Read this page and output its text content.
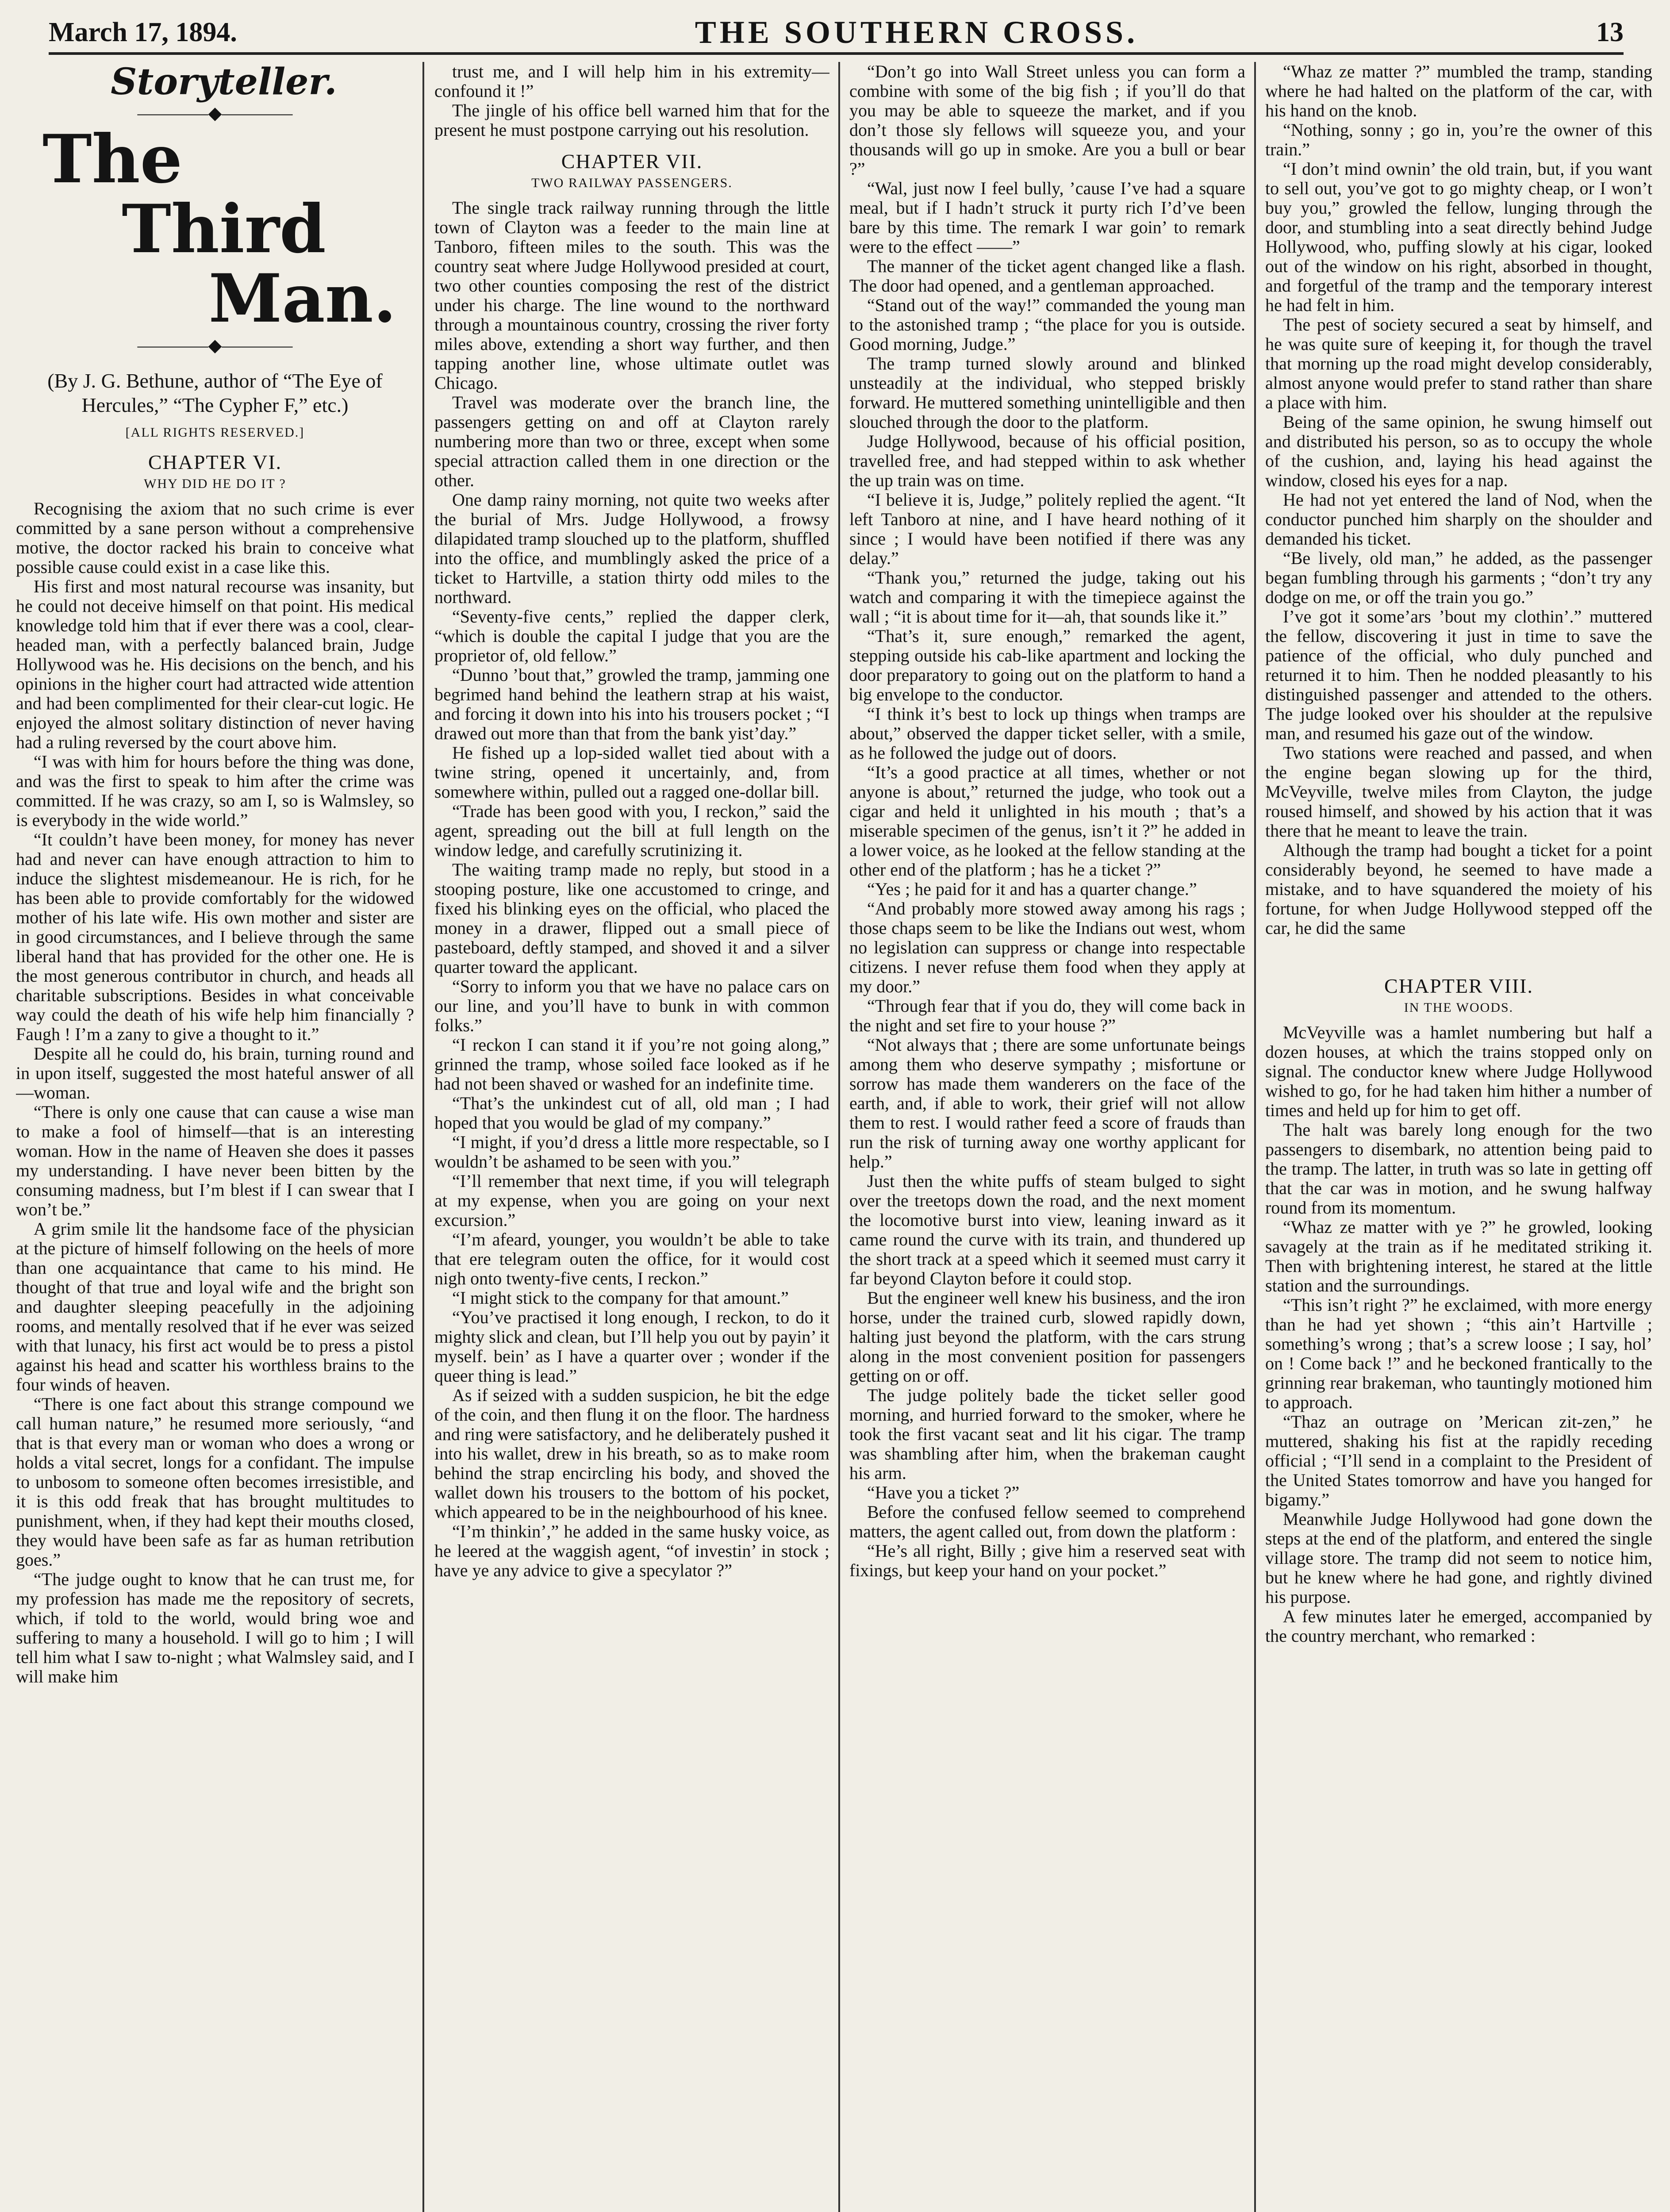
March 17, 1894.	THE SOUTHERN CROSS.	13

Storyteller.

————◆————

The

Third

Man.

————◆————
(By J. G. Bethune, author of “The Eye of Hercules,” “The Cypher F,” etc.)
[ALL RIGHTS RESERVED.]
CHAPTER VI.
WHY DID HE DO IT ?

Recognising the axiom that no such crime is ever committed by a sane person without a comprehensive motive, the doctor racked his brain to conceive what possible cause could exist in a case like this.

His first and most natural recourse was insanity, but he could not deceive himself on that point. His medical knowledge told him that if ever there was a cool, clear-headed man, with a perfectly balanced brain, Judge Hollywood was he. His decisions on the bench, and his opinions in the higher court had attracted wide attention and had been complimented for their clear-cut logic. He enjoyed the almost solitary distinction of never having had a ruling reversed by the court above him.

“I was with him for hours before the thing was done, and was the first to speak to him after the crime was committed. If he was crazy, so am I, so is Walmsley, so is everybody in the wide world.”

“It couldn’t have been money, for money has never had and never can have enough attraction to him to induce the slightest misdemeanour. He is rich, for he has been able to provide comfortably for the widowed mother of his late wife. His own mother and sister are in good circumstances, and I believe through the same liberal hand that has provided for the other one. He is the most generous contributor in church, and heads all charitable subscriptions. Besides in what conceivable way could the death of his wife help him financially ? Faugh ! I’m a zany to give a thought to it.”

Despite all he could do, his brain, turning round and in upon itself, suggested the most hateful answer of all—woman.

“There is only one cause that can cause a wise man to make a fool of himself—that is an interesting woman. How in the name of Heaven she does it passes my understanding. I have never been bitten by the consuming madness, but I’m blest if I can swear that I won’t be.”

A grim smile lit the handsome face of the physician at the picture of himself following on the heels of more than one acquaintance that came to his mind. He thought of that true and loyal wife and the bright son and daughter sleeping peacefully in the adjoining rooms, and mentally resolved that if he ever was seized with that lunacy, his first act would be to press a pistol against his head and scatter his worthless brains to the four winds of heaven.

“There is one fact about this strange compound we call human nature,” he resumed more seriously, “and that is that every man or woman who does a wrong or holds a vital secret, longs for a confidant. The impulse to unbosom to someone often becomes irresistible, and it is this odd freak that has brought multitudes to punishment, when, if they had kept their mouths closed, they would have been safe as far as human retribution goes.”

“The judge ought to know that he can trust me, for my profession has made me the repository of secrets, which, if told to the world, would bring woe and suffering to many a household. I will go to him ; I will tell him what I saw to-night ; what Walmsley said, and I will make him

trust me, and I will help him in his extremity—confound it !”

The jingle of his office bell warned him that for the present he must postpone carrying out his resolution.

CHAPTER VII.
TWO RAILWAY PASSENGERS.

The single track railway running through the little town of Clayton was a feeder to the main line at Tanboro, fifteen miles to the south. This was the country seat where Judge Hollywood presided at court, two other counties composing the rest of the district under his charge. The line wound to the northward through a mountainous country, crossing the river forty miles above, extending a short way further, and then tapping another line, whose ultimate outlet was Chicago.

Travel was moderate over the branch line, the passengers getting on and off at Clayton rarely numbering more than two or three, except when some special attraction called them in one direction or the other.

One damp rainy morning, not quite two weeks after the burial of Mrs. Judge Hollywood, a frowsy dilapidated tramp slouched up to the platform, shuffled into the office, and mumblingly asked the price of a ticket to Hartville, a station thirty odd miles to the northward.

“Seventy-five cents,” replied the dapper clerk, “which is double the capital I judge that you are the proprietor of, old fellow.”

“Dunno ’bout that,” growled the tramp, jamming one begrimed hand behind the leathern strap at his waist, and forcing it down into his into his trousers pocket ; “I drawed out more than that from the bank yist’day.”

He fished up a lop-sided wallet tied about with a twine string, opened it uncertainly, and, from somewhere within, pulled out a ragged one-dollar bill.

“Trade has been good with you, I reckon,” said the agent, spreading out the bill at full length on the window ledge, and carefully scrutinizing it.

The waiting tramp made no reply, but stood in a stooping posture, like one accustomed to cringe, and fixed his blinking eyes on the official, who placed the money in a drawer, flipped out a small piece of pasteboard, deftly stamped, and shoved it and a silver quarter toward the applicant.

“Sorry to inform you that we have no palace cars on our line, and you’ll have to bunk in with common folks.”

“I reckon I can stand it if you’re not going along,” grinned the tramp, whose soiled face looked as if he had not been shaved or washed for an indefinite time.

“That’s the unkindest cut of all, old man ; I had hoped that you would be glad of my company.”

“I might, if you’d dress a little more respectable, so I wouldn’t be ashamed to be seen with you.”

“I’ll remember that next time, if you will telegraph at my expense, when you are going on your next excursion.”

“I’m afeard, younger, you wouldn’t be able to take that ere telegram outen the office, for it would cost nigh onto twenty-five cents, I reckon.”

“I might stick to the company for that amount.”

“You’ve practised it long enough, I reckon, to do it mighty slick and clean, but I’ll help you out by payin’ it myself. bein’ as I have a quarter over ; wonder if the queer thing is lead.”

As if seized with a sudden suspicion, he bit the edge of the coin, and then flung it on the floor. The hardness and ring were satisfactory, and he deliberately pushed it into his wallet, drew in his breath, so as to make room behind the strap encircling his body, and shoved the wallet down his trousers to the bottom of his pocket, which appeared to be in the neighbourhood of his knee.

“I’m thinkin’,” he added in the same husky voice, as he leered at the waggish agent, “of investin’ in stock ; have ye any advice to give a specylator ?”

“Don’t go into Wall Street unless you can form a combine with some of the big fish ; if you’ll do that you may be able to squeeze the market, and if you don’t those sly fellows will squeeze you, and your thousands will go up in smoke. Are you a bull or bear ?”

“Wal, just now I feel bully, ’cause I’ve had a square meal, but if I hadn’t struck it purty rich I’d’ve been bare by this time. The remark I war goin’ to remark were to the effect ——”

The manner of the ticket agent changed like a flash. The door had opened, and a gentleman approached.

“Stand out of the way!” commanded the young man to the astonished tramp ; “the place for you is outside. Good morning, Judge.”

The tramp turned slowly around and blinked unsteadily at the individual, who stepped briskly forward. He muttered something unintelligible and then slouched through the door to the platform.

Judge Hollywood, because of his official position, travelled free, and had stepped within to ask whether the up train was on time.

“I believe it is, Judge,” politely replied the agent. “It left Tanboro at nine, and I have heard nothing of it since ; I would have been notified if there was any delay.”

“Thank you,” returned the judge, taking out his watch and comparing it with the timepiece against the wall ; “it is about time for it—ah, that sounds like it.”

“That’s it, sure enough,” remarked the agent, stepping outside his cab-like apartment and locking the door preparatory to going out on the platform to hand a big envelope to the conductor.

“I think it’s best to lock up things when tramps are about,” observed the dapper ticket seller, with a smile, as he followed the judge out of doors.

“It’s a good practice at all times, whether or not anyone is about,” returned the judge, who took out a cigar and held it unlighted in his mouth ; that’s a miserable specimen of the genus, isn’t it ?” he added in a lower voice, as he looked at the fellow standing at the other end of the platform ; has he a ticket ?”

“Yes ; he paid for it and has a quarter change.”

“And probably more stowed away among his rags ; those chaps seem to be like the Indians out west, whom no legislation can suppress or change into respectable citizens. I never refuse them food when they apply at my door.”

“Through fear that if you do, they will come back in the night and set fire to your house ?”

“Not always that ; there are some unfortunate beings among them who deserve sympathy ; misfortune or sorrow has made them wanderers on the face of the earth, and, if able to work, their grief will not allow them to rest. I would rather feed a score of frauds than run the risk of turning away one worthy applicant for help.”

Just then the white puffs of steam bulged to sight over the treetops down the road, and the next moment the locomotive burst into view, leaning inward as it came round the curve with its train, and thundered up the short track at a speed which it seemed must carry it far beyond Clayton before it could stop.

But the engineer well knew his business, and the iron horse, under the trained curb, slowed rapidly down, halting just beyond the platform, with the cars strung along in the most convenient position for passengers getting on or off.

The judge politely bade the ticket seller good morning, and hurried forward to the smoker, where he took the first vacant seat and lit his cigar. The tramp was shambling after him, when the brakeman caught his arm.

“Have you a ticket ?”

Before the confused fellow seemed to comprehend matters, the agent called out, from down the platform :

“He’s all right, Billy ; give him a reserved seat with fixings, but keep your hand on your pocket.”

“Whaz ze matter ?” mumbled the tramp, standing where he had halted on the platform of the car, with his hand on the knob.

“Nothing, sonny ; go in, you’re the owner of this train.”

“I don’t mind ownin’ the old train, but, if you want to sell out, you’ve got to go mighty cheap, or I won’t buy you,” growled the fellow, lunging through the door, and stumbling into a seat directly behind Judge Hollywood, who, puffing slowly at his cigar, looked out of the window on his right, absorbed in thought, and forgetful of the tramp and the temporary interest he had felt in him.

The pest of society secured a seat by himself, and he was quite sure of keeping it, for though the travel that morning up the road might develop considerably, almost anyone would prefer to stand rather than share a place with him.

Being of the same opinion, he swung himself out and distributed his person, so as to occupy the whole of the cushion, and, laying his head against the window, closed his eyes for a nap.

He had not yet entered the land of Nod, when the conductor punched him sharply on the shoulder and demanded his ticket.

“Be lively, old man,” he added, as the passenger began fumbling through his garments ; “don’t try any dodge on me, or off the train you go.”

I’ve got it some’ars ’bout my clothin’.” muttered the fellow, discovering it just in time to save the patience of the official, who duly punched and returned it to him. Then he nodded pleasantly to his distinguished passenger and attended to the others. The judge looked over his shoulder at the repulsive man, and resumed his gaze out of the window.

Two stations were reached and passed, and when the engine began slowing up for the third, McVeyville, twelve miles from Clayton, the judge roused himself, and showed by his action that it was there that he meant to leave the train.

Although the tramp had bought a ticket for a point considerably beyond, he seemed to have made a mistake, and to have squandered the moiety of his fortune, for when Judge Hollywood stepped off the car, he did the same

CHAPTER VIII.
IN THE WOODS.

McVeyville was a hamlet numbering but half a dozen houses, at which the trains stopped only on signal. The conductor knew where Judge Hollywood wished to go, for he had taken him hither a number of times and held up for him to get off.

The halt was barely long enough for the two passengers to disembark, no attention being paid to the tramp. The latter, in truth was so late in getting off that the car was in motion, and he swung halfway round from its momentum.

“Whaz ze matter with ye ?” he growled, looking savagely at the train as if he meditated striking it. Then with brightening interest, he stared at the little station and the surroundings.

“This isn’t right ?” he exclaimed, with more energy than he had yet shown ; “this ain’t Hartville ; something’s wrong ; that’s a screw loose ; I say, hol’ on ! Come back !” and he beckoned frantically to the grinning rear brakeman, who tauntingly motioned him to approach.

“Thaz an outrage on ’Merican zit-zen,” he muttered, shaking his fist at the rapidly receding official ; “I’ll send in a complaint to the President of the United States tomorrow and have you hanged for bigamy.”

Meanwhile Judge Hollywood had gone down the steps at the end of the platform, and entered the single village store. The tramp did not seem to notice him, but he knew where he had gone, and rightly divined his purpose.

A few minutes later he emerged, accompanied by the country merchant, who remarked :
